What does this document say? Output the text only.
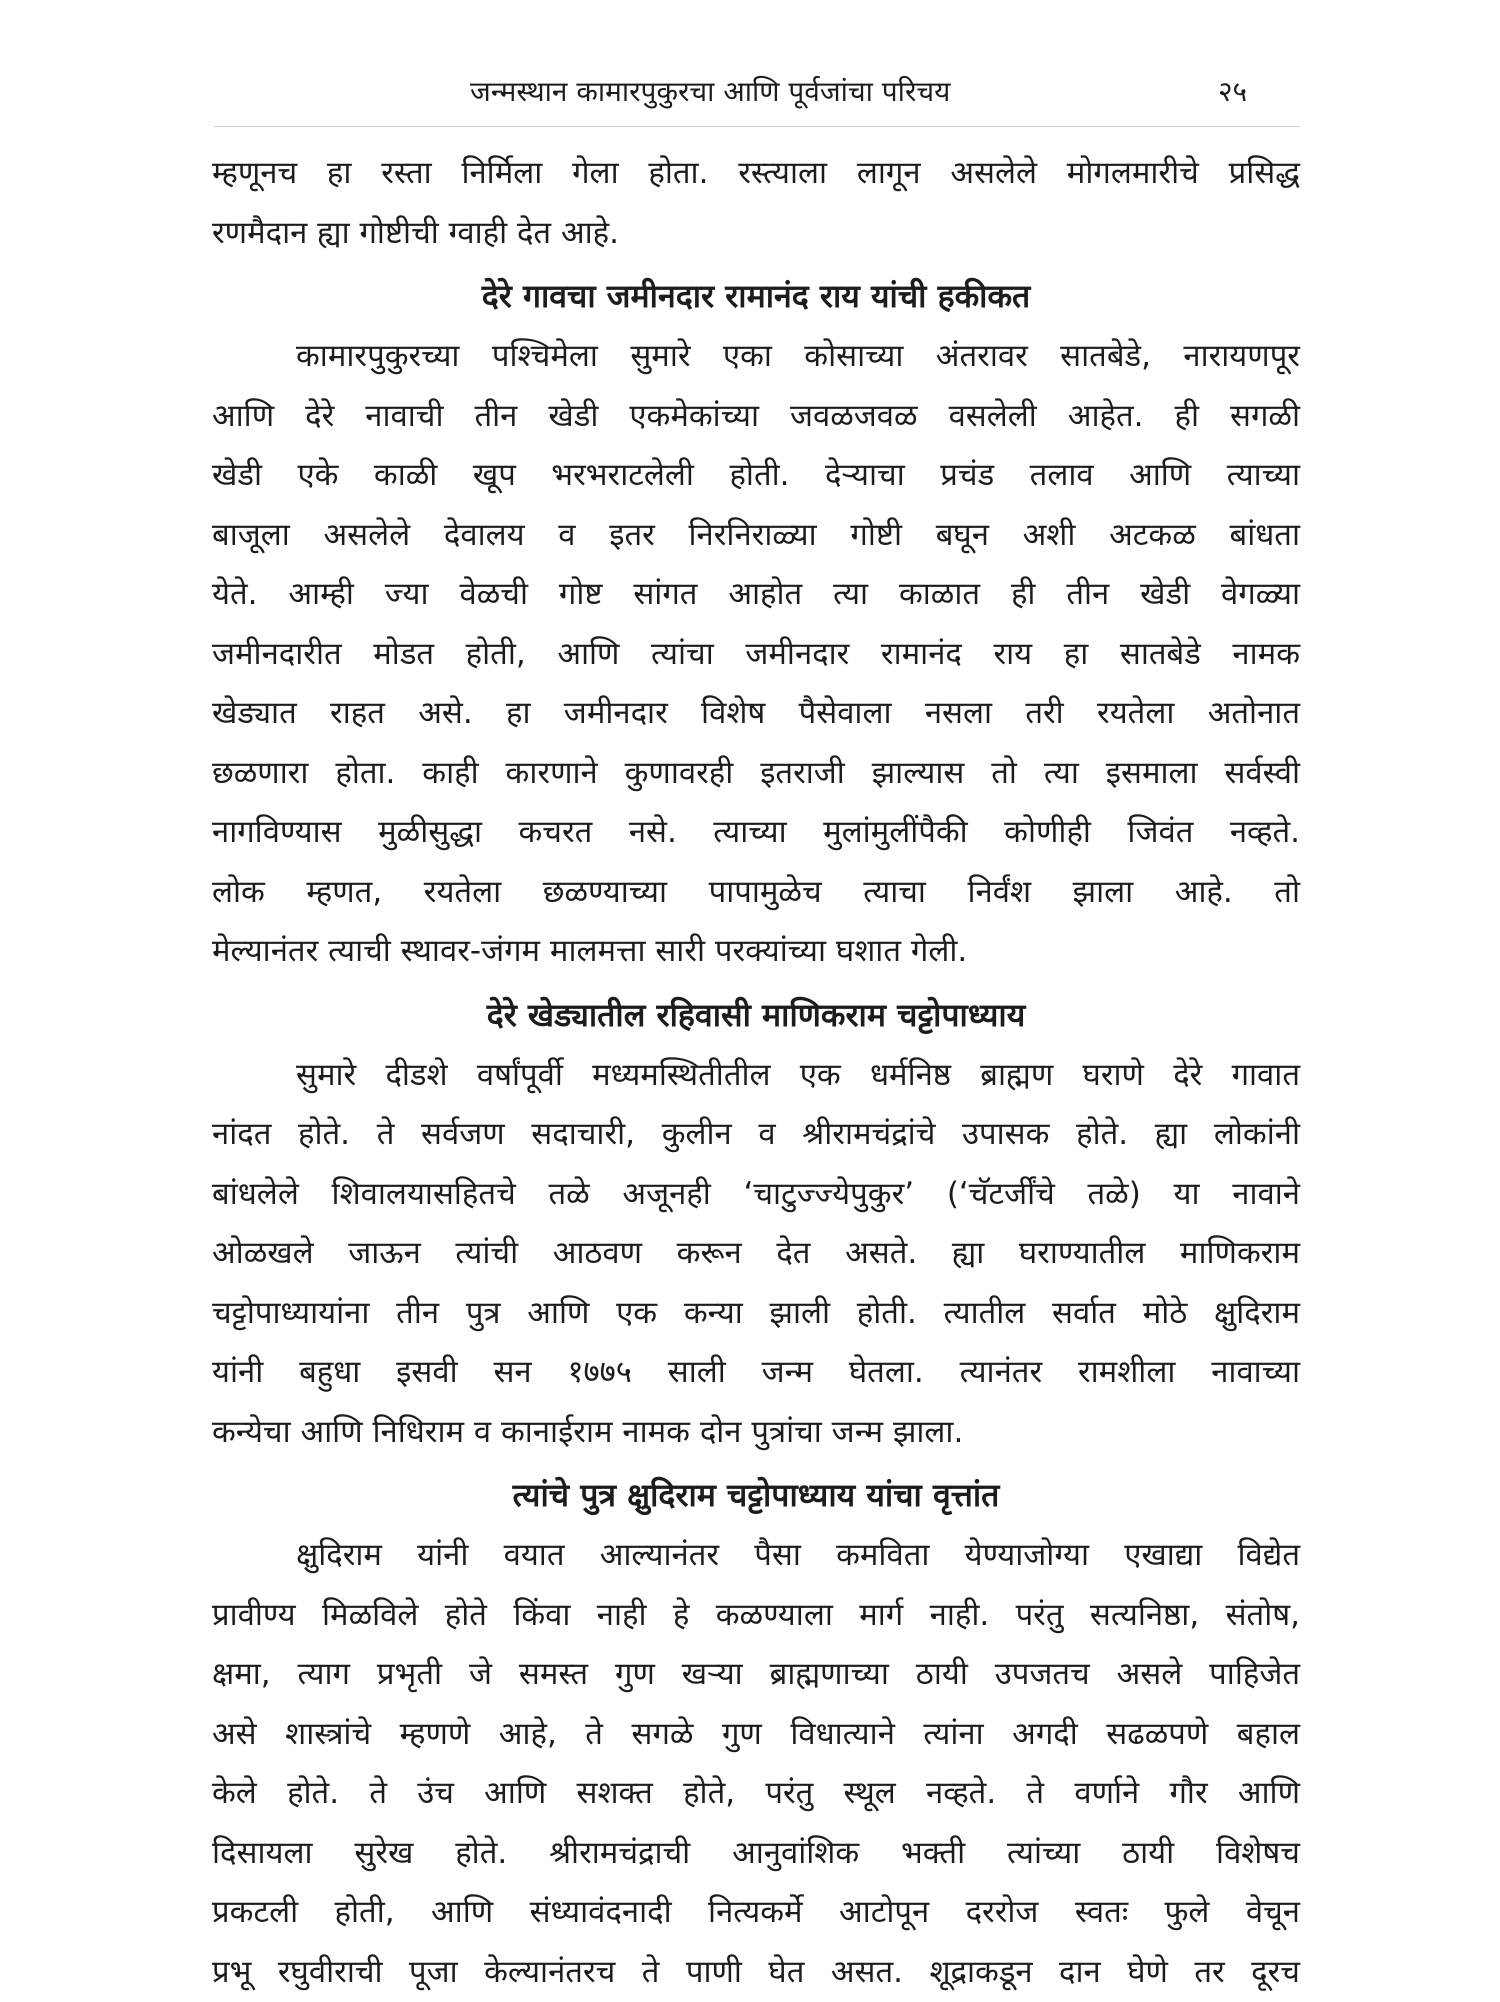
जन्मस्थान कामारपुकुरचा आणि पूर्वजांचा परिचय	२५

म्हणूनच हा रस्ता निर्मिला गेला होता. रस्त्याला लागून असलेले मोगलमारीचे प्रसिद्ध
रणमैदान ह्या गोष्टीची ग्वाही देत आहे.

देरे गावचा जमीनदार रामानंद राय यांची हकीकत

कामारपुकुरच्या पश्चिमेला सुमारे एका कोसाच्या अंतरावर सातबेडे, नारायणपूर
आणि देरे नावाची तीन खेडी एकमेकांच्या जवळजवळ वसलेली आहेत. ही सगळी
खेडी एके काळी खूप भरभराटलेली होती. देऱ्याचा प्रचंड तलाव आणि त्याच्या
बाजूला असलेले देवालय व इतर निरनिराळ्या गोष्टी बघून अशी अटकळ बांधता
येते. आम्ही ज्या वेळची गोष्ट सांगत आहोत त्या काळात ही तीन खेडी वेगळ्या
जमीनदारीत मोडत होती, आणि त्यांचा जमीनदार रामानंद राय हा सातबेडे नामक
खेड्यात राहत असे. हा जमीनदार विशेष पैसेवाला नसला तरी रयतेला अतोनात
छळणारा होता. काही कारणाने कुणावरही इतराजी झाल्यास तो त्या इसमाला सर्वस्वी
नागविण्यास मुळीसुद्धा कचरत नसे. त्याच्या मुलांमुलींपैकी कोणीही जिवंत नव्हते.
लोक म्हणत, रयतेला छळण्याच्या पापामुळेच त्याचा निर्वंश झाला आहे. तो
मेल्यानंतर त्याची स्थावर-जंगम मालमत्ता सारी परक्यांच्या घशात गेली.

देरे खेड्यातील रहिवासी माणिकराम चट्टोपाध्याय

सुमारे दीडशे वर्षांपूर्वी मध्यमस्थितीतील एक धर्मनिष्ठ ब्राह्मण घराणे देरे गावात
नांदत होते. ते सर्वजण सदाचारी, कुलीन व श्रीरामचंद्रांचे उपासक होते. ह्या लोकांनी
बांधलेले शिवालयासहितचे तळे अजूनही ‘चाटुज्ज्येपुकुर’ (‘चॅटर्जींचे तळे) या नावाने
ओळखले जाऊन त्यांची आठवण करून देत असते. ह्या घराण्यातील माणिकराम
चट्टोपाध्यायांना तीन पुत्र आणि एक कन्या झाली होती. त्यातील सर्वात मोठे क्षुदिराम
यांनी बहुधा इसवी सन १७७५ साली जन्म घेतला. त्यानंतर रामशीला नावाच्या
कन्येचा आणि निधिराम व कानाईराम नामक दोन पुत्रांचा जन्म झाला.

त्यांचे पुत्र क्षुदिराम चट्टोपाध्याय यांचा वृत्तांत

क्षुदिराम यांनी वयात आल्यानंतर पैसा कमविता येण्याजोग्या एखाद्या विद्येत
प्रावीण्य मिळविले होते किंवा नाही हे कळण्याला मार्ग नाही. परंतु सत्यनिष्ठा, संतोष,
क्षमा, त्याग प्रभृती जे समस्त गुण खऱ्या ब्राह्मणाच्या ठायी उपजतच असले पाहिजेत
असे शास्त्रांचे म्हणणे आहे, ते सगळे गुण विधात्याने त्यांना अगदी सढळपणे बहाल
केले होते. ते उंच आणि सशक्त होते, परंतु स्थूल नव्हते. ते वर्णाने गौर आणि
दिसायला सुरेख होते. श्रीरामचंद्राची आनुवांशिक भक्ती त्यांच्या ठायी विशेषच
प्रकटली होती, आणि संध्यावंदनादी नित्यकर्मे आटोपून दररोज स्वतः फुले वेचून
प्रभू रघुवीराची पूजा केल्यानंतरच ते पाणी घेत असत. शूद्राकडून दान घेणे तर दूरच
